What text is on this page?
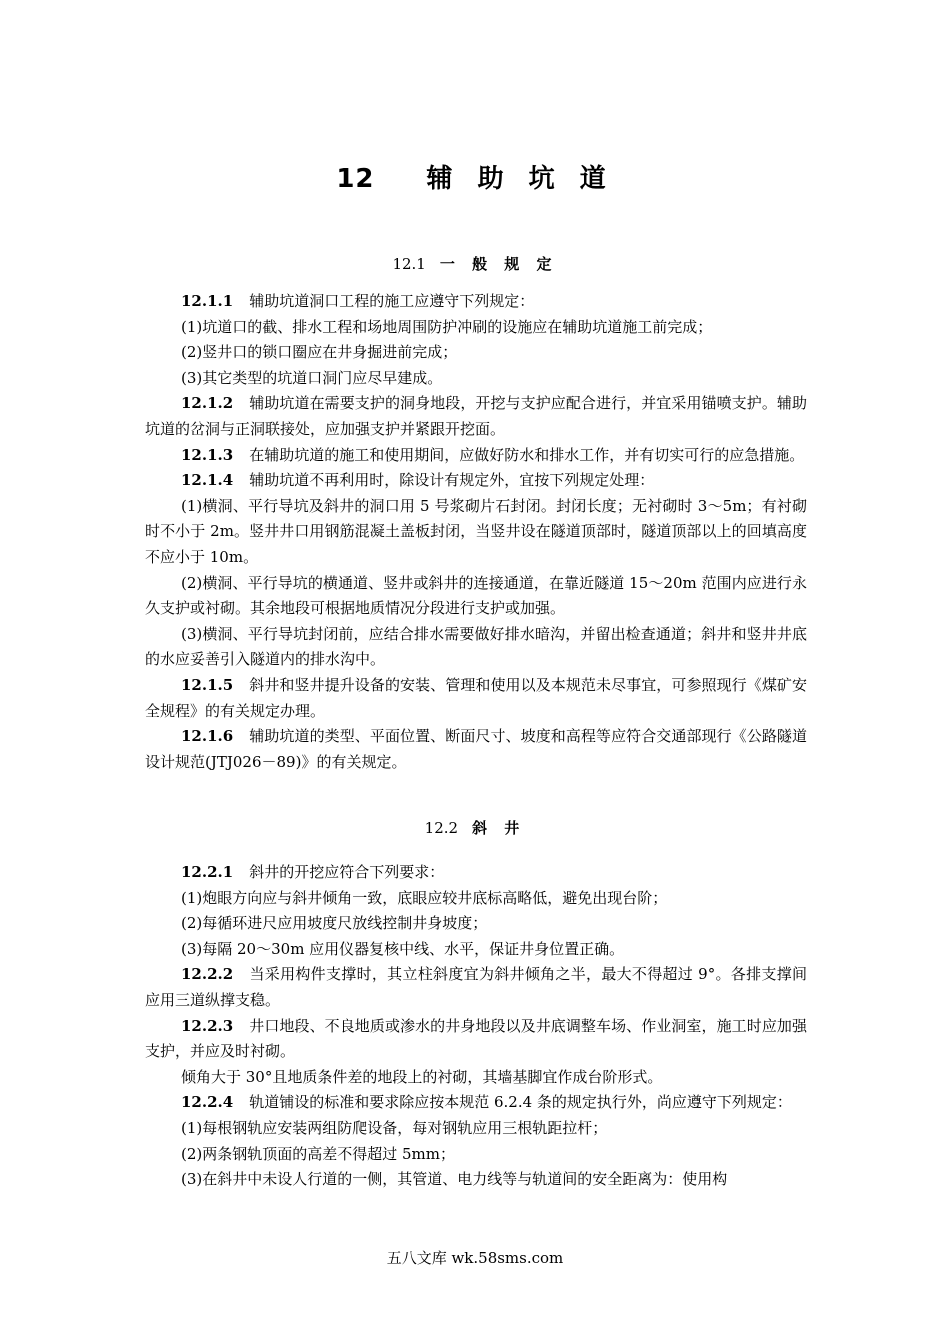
12 辅 助 坑 道
12.1 一 般 规 定

12.1.1 辅助坑道洞口工程的施工应遵守下列规定：

(1)坑道口的截、排水工程和场地周围防护冲刷的设施应在辅助坑道施工前完成；

(2)竖井口的锁口圈应在井身掘进前完成；

(3)其它类型的坑道口洞门应尽早建成。

12.1.2 辅助坑道在需要支护的洞身地段，开挖与支护应配合进行，并宜采用锚喷支护。辅助坑道的岔洞与正洞联接处，应加强支护并紧跟开挖面。

12.1.3 在辅助坑道的施工和使用期间，应做好防水和排水工作，并有切实可行的应急措施。

12.1.4 辅助坑道不再利用时，除设计有规定外，宜按下列规定处理：

(1)横洞、平行导坑及斜井的洞口用 5 号浆砌片石封闭。封闭长度；无衬砌时 3～5m；有衬砌时不小于 2m。竖井井口用钢筋混凝土盖板封闭，当竖井设在隧道顶部时，隧道顶部以上的回填高度不应小于 10m。

(2)横洞、平行导坑的横通道、竖井或斜井的连接通道，在靠近隧道 15～20m 范围内应进行永久支护或衬砌。其余地段可根据地质情况分段进行支护或加强。

(3)横洞、平行导坑封闭前，应结合排水需要做好排水暗沟，并留出检查通道；斜井和竖井井底的水应妥善引入隧道内的排水沟中。

12.1.5 斜井和竖井提升设备的安装、管理和使用以及本规范未尽事宜，可参照现行《煤矿安全规程》的有关规定办理。

12.1.6 辅助坑道的类型、平面位置、断面尺寸、坡度和高程等应符合交通部现行《公路隧道设计规范(JTJ026－89)》的有关规定。

12.2 斜 井

12.2.1 斜井的开挖应符合下列要求：

(1)炮眼方向应与斜井倾角一致，底眼应较井底标高略低，避免出现台阶；

(2)每循环进尺应用坡度尺放线控制井身坡度；

(3)每隔 20～30m 应用仪器复核中线、水平，保证井身位置正确。

12.2.2 当采用构件支撑时，其立柱斜度宜为斜井倾角之半，最大不得超过 9°。各排支撑间应用三道纵撑支稳。

12.2.3 井口地段、不良地质或渗水的井身地段以及井底调整车场、作业洞室，施工时应加强支护，并应及时衬砌。

倾角大于 30°且地质条件差的地段上的衬砌，其墙基脚宜作成台阶形式。

12.2.4 轨道铺设的标准和要求除应按本规范 6.2.4 条的规定执行外，尚应遵守下列规定：

(1)每根钢轨应安装两组防爬设备，每对钢轨应用三根轨距拉杆；

(2)两条钢轨顶面的高差不得超过 5mm；

(3)在斜井中未设人行道的一侧，其管道、电力线等与轨道间的安全距离为：使用构

五八文库 wk.58sms.com
